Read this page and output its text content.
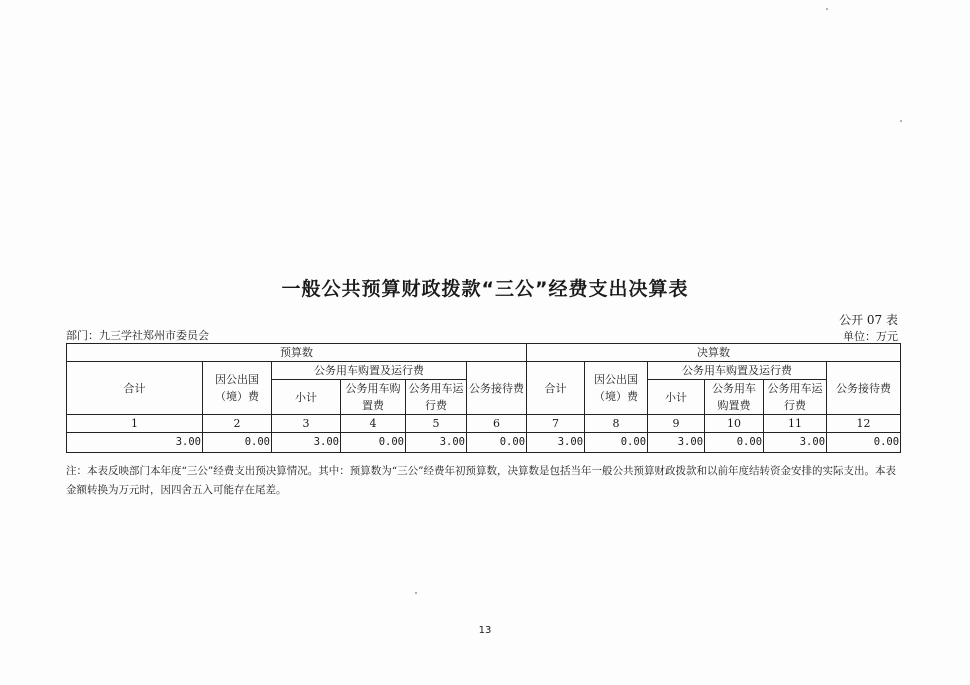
一般公共预算财政拨款“三公”经费支出决算表
公开 07 表
部门：九三学社郑州市委员会	单位：万元
预算数						决算数					
合计	因公出国（境）费	公务用车购置及运行费			公务接待费	合计	因公出国（境）费	公务用车购置及运行费			公务接待费
		小计	公务用车购置费	公务用车运行费				小计	公务用车购置费	公务用车运行费	
1	2	3	4	5	6	7	8	9	10	11	12
3.00	0.00	3.00	0.00	3.00	0.00	3.00	0.00	3.00	0.00	3.00	0.00
注：本表反映部门本年度“三公”经费支出预决算情况。其中：预算数为“三公”经费年初预算数，决算数是包括当年一般公共预算财政拨款和以前年度结转资金安排的实际支出。本表金额转换为万元时，因四舍五入可能存在尾差。
13
